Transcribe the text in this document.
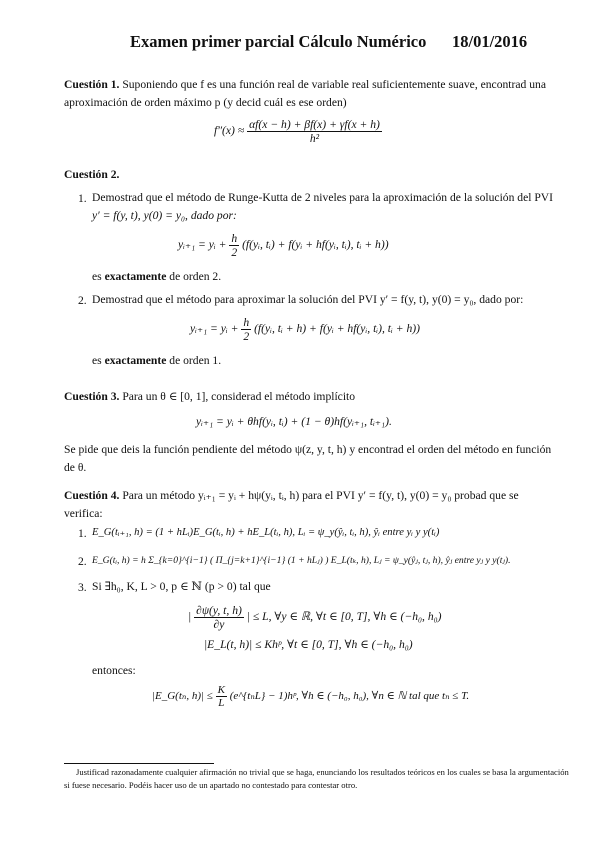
Examen primer parcial Cálculo Numérico 18/01/2016
Cuestión 1. Suponiendo que f es una función real de variable real suficientemente suave, encontrad una
aproximación de orden máximo p (y decid cuál es ese orden)
$f''(x) \approx \frac{\alpha f(x - h) + \beta f(x) + \gamma f(x + h)}{\text{h²}}$
Cuestión 2.
1. Demostrad que el método de Runge-Kutta de 2 niveles para la aproximación de la solución del PVI
y′ = f(y, t), y(0) = y₀, dado por:
yᵢ₊₁ = yᵢ + $\frac{h}{2}$ (f(yᵢ, tᵢ) + f(yᵢ + hf(yᵢ, tᵢ), tᵢ + h))
es exactamente de orden 2.
2. Demostrad que el método para aproximar la solución del PVI y′ = f(y, t), y(0) = y₀, dado por:
yᵢ₊₁ = yᵢ + $\frac{h}{2}$ (f(yᵢ, tᵢ + h) + f(yᵢ + hf(yᵢ, tᵢ), tᵢ + h))
es exactamente de orden 1.
Cuestión 3. Para un θ ∈ [0, 1], considerad el método implícito
yᵢ₊₁ = yᵢ + θhf(yᵢ, tᵢ) + (1 − θ)hf(yᵢ₊₁, tᵢ₊₁).
Se pide que deis la función pendiente del método ψ(z, y, t, h) y encontrad el orden del método en función
de θ.
Cuestión 4. Para un método yᵢ₊₁ = yᵢ + hψ(yᵢ, tᵢ, h) para el PVI y′ = f(y, t), y(0) = y₀ probad que se
verifica:
1. E_G(tᵢ₊₁, h) = (1 + hLᵢ)E_G(tᵢ, h) + hE_L(tᵢ, h), Lᵢ = ψ_y(ŷᵢ, tᵢ, h), ŷᵢ entre yᵢ y y(tᵢ)
2. E_G(tᵢ, h) = h Σ_{k=0}^{i−1} ( Π_{j=k+1}^{i−1} (1 + hLⱼ) ) E_L(tₖ, h), Lⱼ = ψ_y(ŷⱼ, tⱼ, h), ŷⱼ entre yⱼ y y(tⱼ).
3. Si ∃h₀, K, L > 0, p ∈ ℕ (p > 0) tal que
| $\frac{\partial\psi(y, t, h)}{\partial y}$ | ≤ L, ∀y ∈ ℝ, ∀t ∈ [0, T], ∀h ∈ (−h₀, h₀)
|E_L(t, h)| ≤ Khᵖ, ∀t ∈ [0, T], ∀h ∈ (−h₀, h₀)
entonces:
|E_G(tₙ, $h)| \le \frac{K}{L}$ (e^{tₙL} − 1)hᵖ, ∀h ∈ (−h₀, h₀), ∀n ∈ ℕ tal que tₙ ≤ T.
Justificad razonadamente cualquier afirmación no trivial que se haga, enunciando los resultados teóricos en los cuales se basa la argumentación si fuese necesario. Podéis hacer uso de un apartado no contestado para contestar otro.
